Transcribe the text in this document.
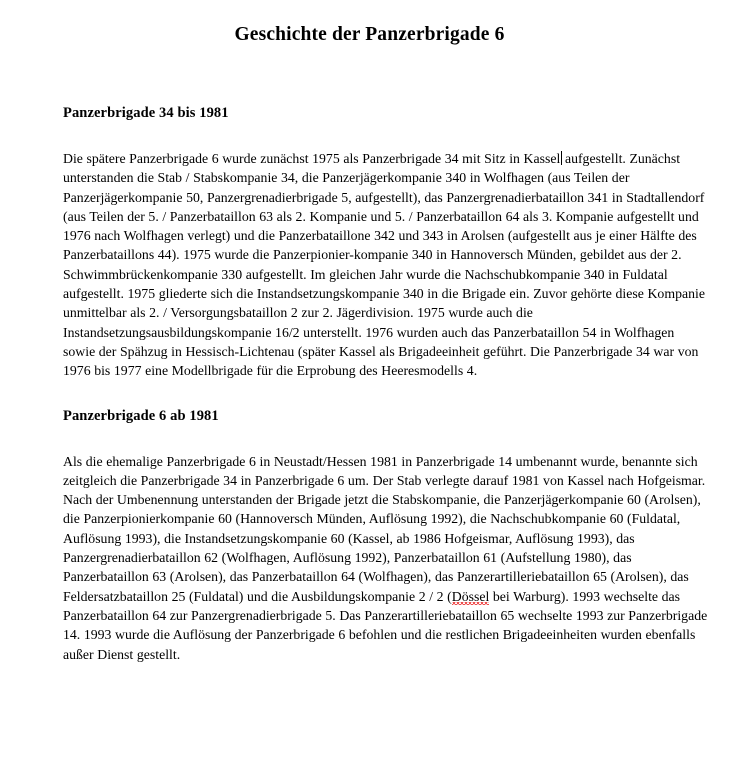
Geschichte der Panzerbrigade 6
Panzerbrigade 34 bis 1981

Die spätere Panzerbrigade 6 wurde zunächst 1975 als Panzerbrigade 34 mit Sitz in Kassel aufgestellt. Zunächst unterstanden die Stab / Stabskompanie 34, die Panzerjägerkompanie 340 in Wolfhagen (aus Teilen der Panzerjägerkompanie 50, Panzergrenadierbrigade 5, aufgestellt), das Panzergrenadierbataillon 341 in Stadtallendorf (aus Teilen der 5. / Panzerbataillon 63 als 2. Kompanie und 5. / Panzerbataillon 64 als 3. Kompanie aufgestellt und 1976 nach Wolfhagen verlegt) und die Panzerbataillone 342 und 343 in Arolsen (aufgestellt aus je einer Hälfte des Panzerbataillons 44). 1975 wurde die Panzerpionier-kompanie 340 in Hannoversch Münden, gebildet aus der 2. Schwimmbrückenkompanie 330 aufgestellt. Im gleichen Jahr wurde die Nachschubkompanie 340 in Fuldatal aufgestellt. 1975 gliederte sich die Instandsetzungskompanie 340 in die Brigade ein. Zuvor gehörte diese Kompanie unmittelbar als 2. / Versorgungsbataillon 2 zur 2. Jägerdivision. 1975 wurde auch die Instandsetzungsausbildungskompanie 16/2 unterstellt. 1976 wurden auch das Panzerbataillon 54 in Wolfhagen sowie der Spähzug in Hessisch-Lichtenau (später Kassel als Brigadeeinheit geführt. Die Panzerbrigade 34 war von 1976 bis 1977 eine Modellbrigade für die Erprobung des Heeresmodells 4.

Panzerbrigade 6 ab 1981

Als die ehemalige Panzerbrigade 6 in Neustadt/Hessen 1981 in Panzerbrigade 14 umbenannt wurde, benannte sich zeitgleich die Panzerbrigade 34 in Panzerbrigade 6 um. Der Stab verlegte darauf 1981 von Kassel nach Hofgeismar. Nach der Umbenennung unterstanden der Brigade jetzt die Stabskompanie, die Panzerjägerkompanie 60 (Arolsen), die Panzerpionierkompanie 60 (Hannoversch Münden, Auflösung 1992), die Nachschubkompanie 60 (Fuldatal, Auflösung 1993), die Instandsetzungskompanie 60 (Kassel, ab 1986 Hofgeismar, Auflösung 1993), das Panzergrenadierbataillon 62 (Wolfhagen, Auflösung 1992), Panzerbataillon 61 (Aufstellung 1980), das Panzerbataillon 63 (Arolsen), das Panzerbataillon 64 (Wolfhagen), das Panzerartilleriebataillon 65 (Arolsen), das Feldersatzbataillon 25 (Fuldatal) und die Ausbildungskompanie 2 / 2 (Dössel bei Warburg). 1993 wechselte das Panzerbataillon 64 zur Panzergrenadierbrigade 5. Das Panzerartilleriebataillon 65 wechselte 1993 zur Panzerbrigade 14. 1993 wurde die Auflösung der Panzerbrigade 6 befohlen und die restlichen Brigadeeinheiten wurden ebenfalls außer Dienst gestellt.
